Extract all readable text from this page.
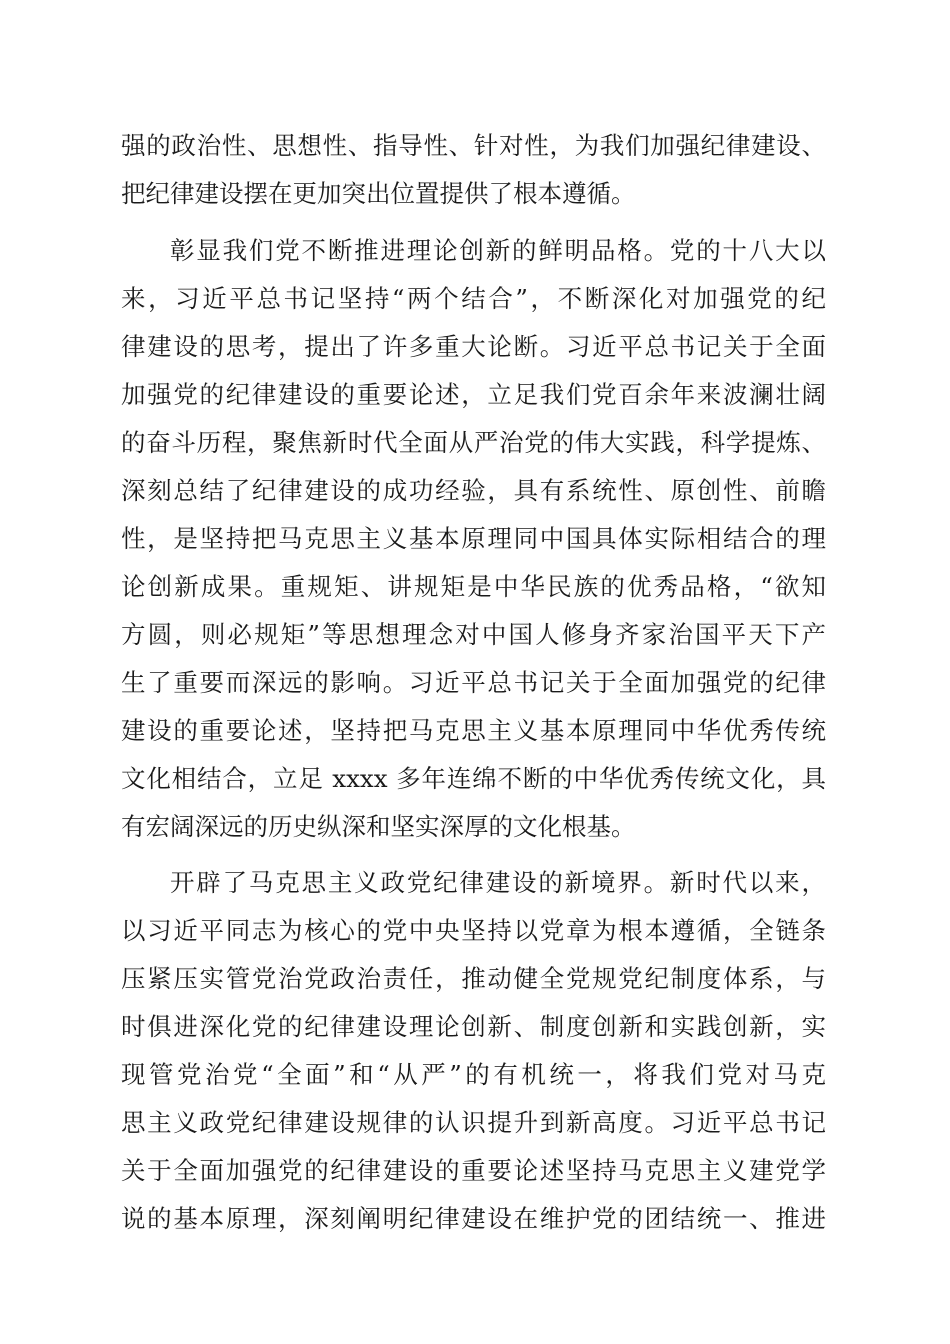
强的政治性、思想性、指导性、针对性，为我们加强纪律建设、

把纪律建设摆在更加突出位置提供了根本遵循。

彰显我们党不断推进理论创新的鲜明品格。党的十八大以

来，习近平总书记坚持“两个结合”，不断深化对加强党的纪

律建设的思考，提出了许多重大论断。习近平总书记关于全面

加强党的纪律建设的重要论述，立足我们党百余年来波澜壮阔

的奋斗历程，聚焦新时代全面从严治党的伟大实践，科学提炼、

深刻总结了纪律建设的成功经验，具有系统性、原创性、前瞻

性，是坚持把马克思主义基本原理同中国具体实际相结合的理

论创新成果。重规矩、讲规矩是中华民族的优秀品格，“欲知

方圆，则必规矩”等思想理念对中国人修身齐家治国平天下产

生了重要而深远的影响。习近平总书记关于全面加强党的纪律

建设的重要论述，坚持把马克思主义基本原理同中华优秀传统

文化相结合，立足 xxxx 多年连绵不断的中华优秀传统文化，具

有宏阔深远的历史纵深和坚实深厚的文化根基。

开辟了马克思主义政党纪律建设的新境界。新时代以来，

以习近平同志为核心的党中央坚持以党章为根本遵循，全链条

压紧压实管党治党政治责任，推动健全党规党纪制度体系，与

时俱进深化党的纪律建设理论创新、制度创新和实践创新，实

现管党治党“全面”和“从严”的有机统一，将我们党对马克

思主义政党纪律建设规律的认识提升到新高度。习近平总书记

关于全面加强党的纪律建设的重要论述坚持马克思主义建党学

说的基本原理，深刻阐明纪律建设在维护党的团结统一、推进
